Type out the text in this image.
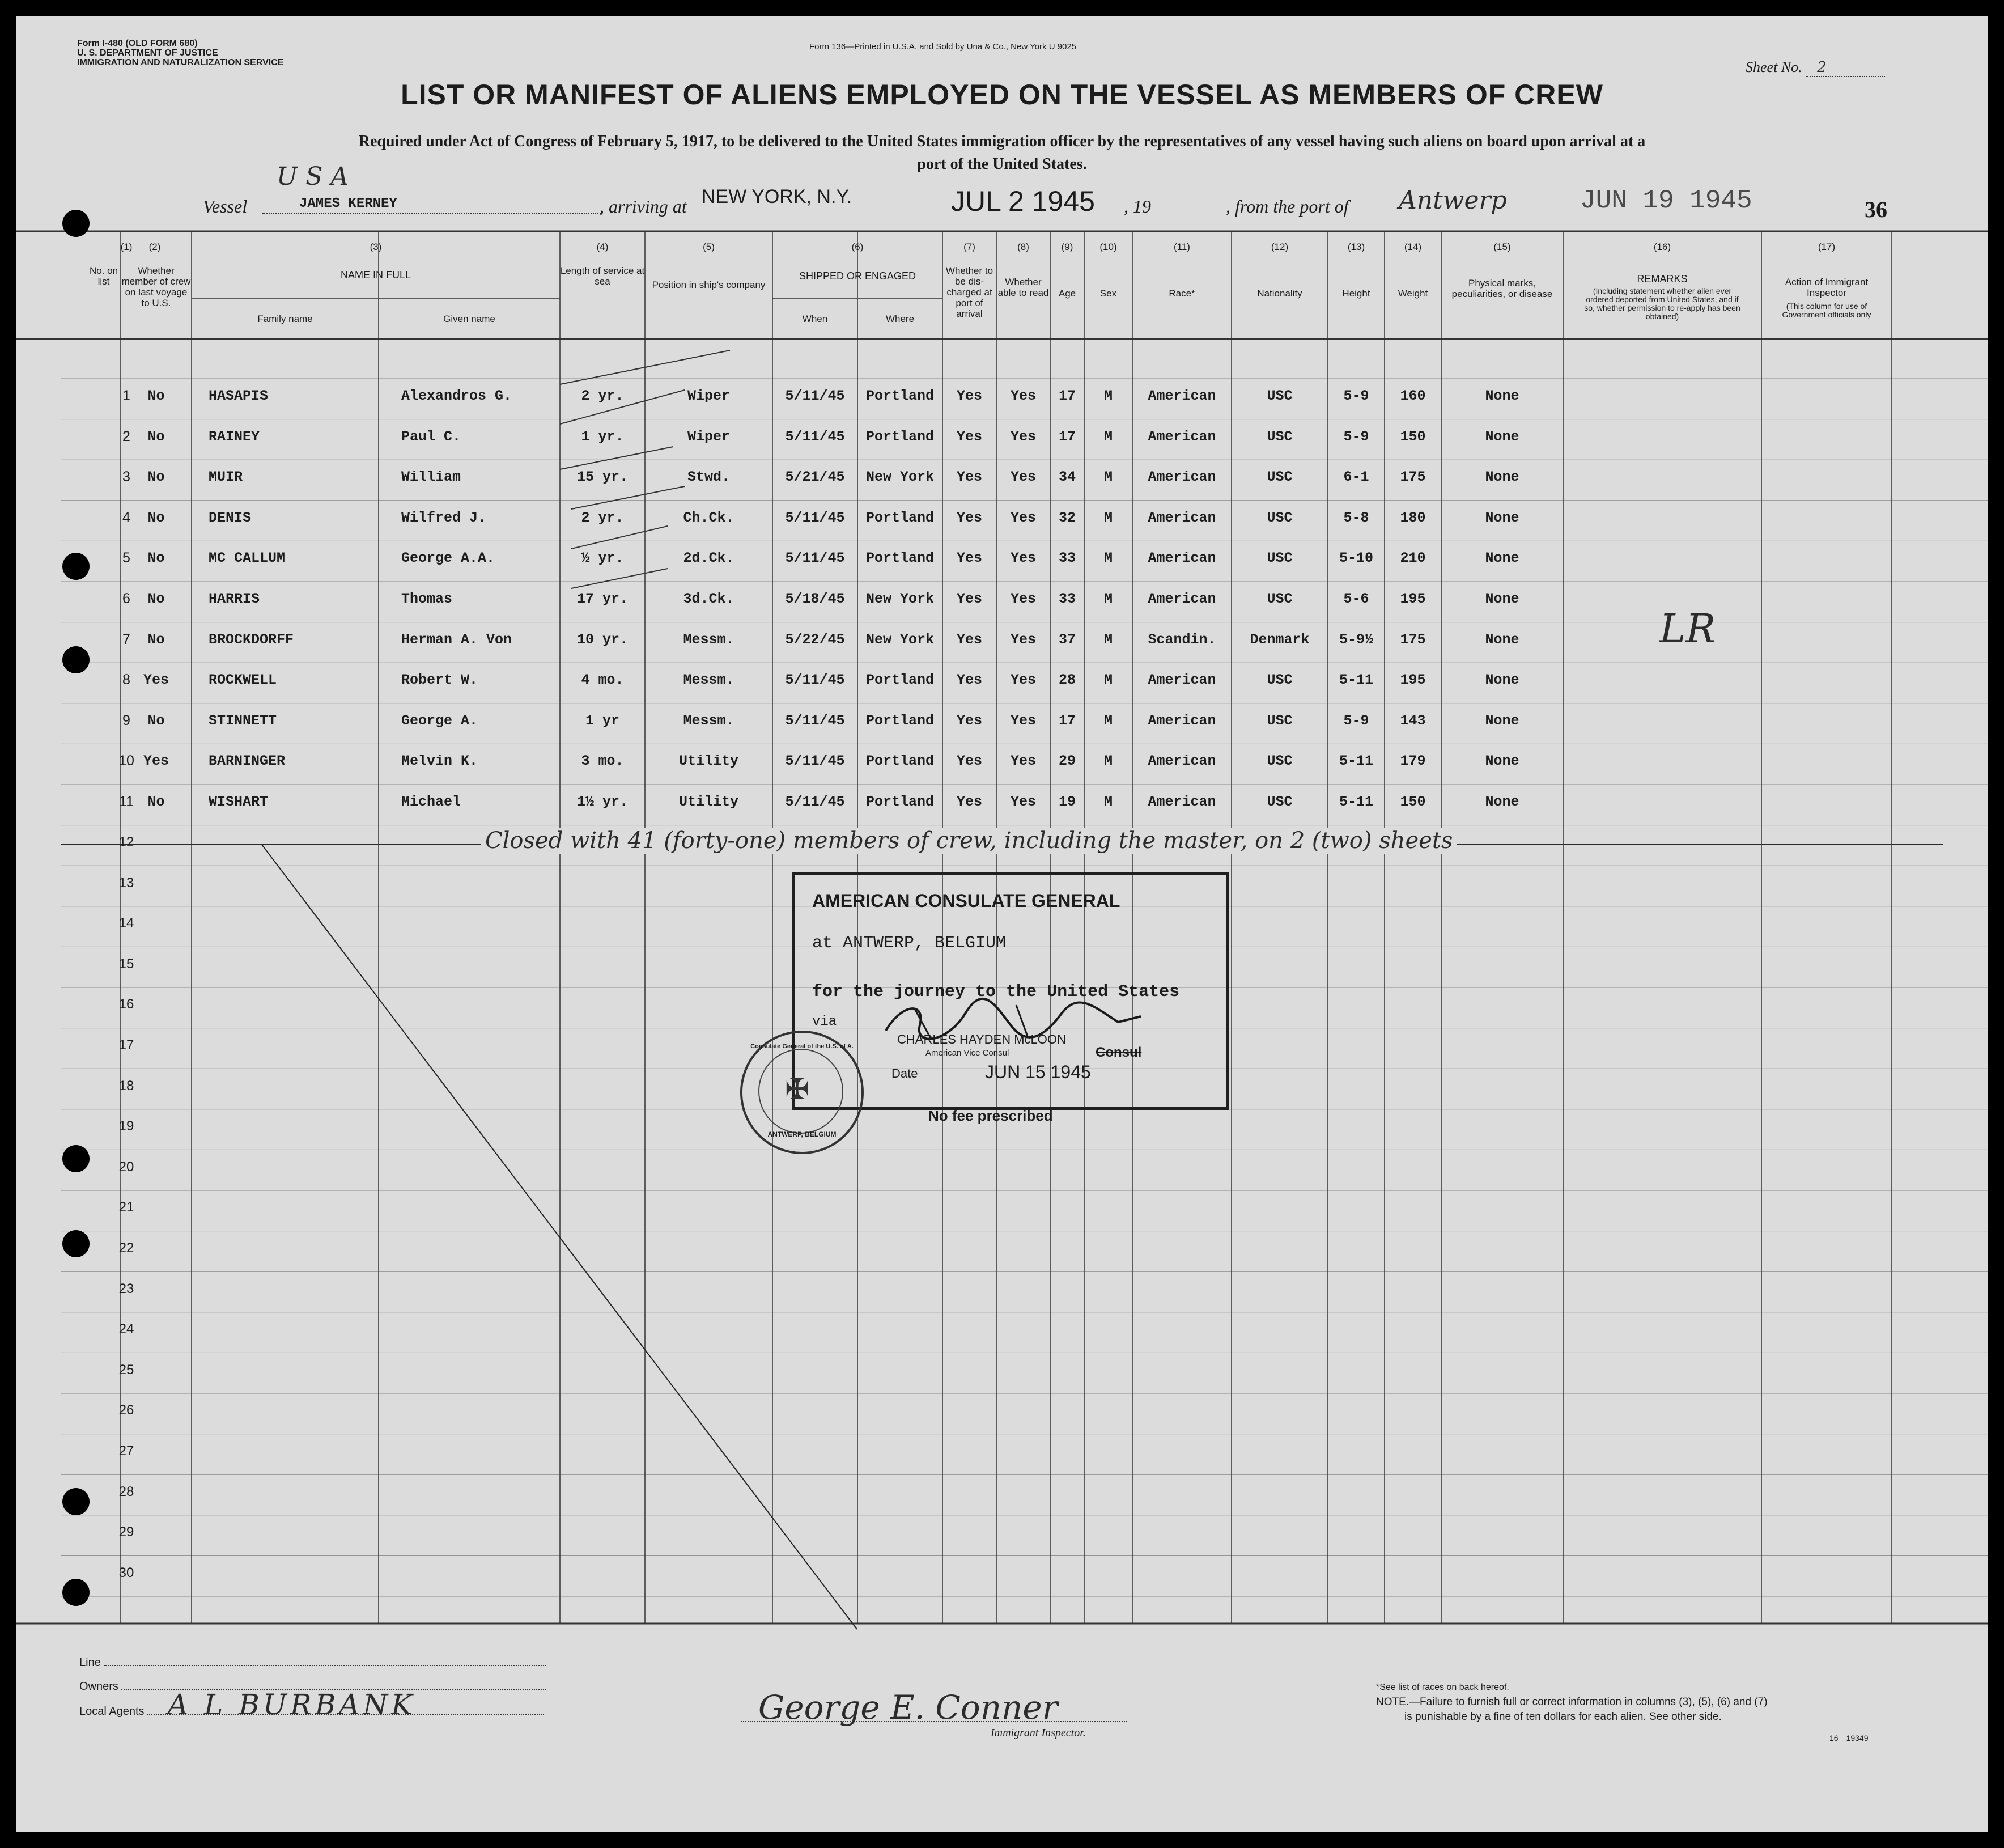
Form I-480 (OLD FORM 680)
U. S. DEPARTMENT OF JUSTICE
IMMIGRATION AND NATURALIZATION SERVICE
Form 136—Printed in U.S.A. and Sold by Una & Co., New York U 9025
Sheet No. 2
LIST OR MANIFEST OF ALIENS EMPLOYED ON THE VESSEL AS MEMBERS OF CREW
Required under Act of Congress of February 5, 1917, to be delivered to the United States immigration officer by the representatives of any vessel having such aliens on board upon arrival at a
port of the United States.
U S A
Vessel	JAMES KERNEY	, arriving at NEW YORK, N.Y.	JUL 2 1945 , 19	, from the port of Antwerp	JUN 19 1945	36
(1)	(2)	(3)	(4)	(5)	(6)	(7)	(8)	(9)	(10)	(11)	(12)	(13)	(14)	(15)	(16)	(17)
No. on list
Whether member of crew on last voyage to U.S.
NAME IN FULL
Family name	Given name
Length of service at sea	Position in ship's company
SHIPPED OR ENGAGED
When	Where
Whether to be dis-charged at port of arrival
Whether able to read	Age	Sex	Race*	Nationality	Height	Weight
Physical marks, peculiarities, or disease
REMARKS
(Including statement whether alien ever ordered deported from United States, and if so, whether permission to re-apply has been obtained)
Action of Immigrant Inspector
(This column for use of Government officials only
1	No	HASAPIS	Alexandros G.	2 yr.	Wiper	5/11/45	Portland	Yes	Yes	17	M	American	USC	5-9	160	None
2	No	RAINEY	Paul C.	1 yr.	Wiper	5/11/45	Portland	Yes	Yes	17	M	American	USC	5-9	150	None
3	No	MUIR	William	15 yr.	Stwd.	5/21/45	New York	Yes	Yes	34	M	American	USC	6-1	175	None
4	No	DENIS	Wilfred J.	2 yr.	Ch.Ck.	5/11/45	Portland	Yes	Yes	32	M	American	USC	5-8	180	None
5	No	MC CALLUM	George A.A.	½ yr.	2d.Ck.	5/11/45	Portland	Yes	Yes	33	M	American	USC	5-10	210	None
6	No	HARRIS	Thomas	17 yr.	3d.Ck.	5/18/45	New York	Yes	Yes	33	M	American	USC	5-6	195	None
7	No	BROCKDORFF	Herman A. Von	10 yr.	Messm.	5/22/45	New York	Yes	Yes	37	M	Scandin.	Denmark	5-9½	175	None
8 Yes	ROCKWELL	Robert W.	4 mo.	Messm.	5/11/45	Portland	Yes	Yes	28	M	American	USC	5-11	195	None
9	No	STINNETT	George A.	1 yr	Messm.	5/11/45	Portland	Yes	Yes	17	M	American	USC	5-9	143	None
10 Yes	BARNINGER	Melvin K.	3 mo.	Utility	5/11/45	Portland	Yes	Yes	29	M	American	USC	5-11	179	None
11 No	WISHART	Michael	1½ yr.	Utility	5/11/45	Portland	Yes	Yes	19	M	American	USC	5-11	150	None
12
13
14
15
16
17
18
19
20
21
22
23
24
25
26
27
28
29
30
LR
Closed with 41 (forty-one) members of crew, including the master, on 2 (two) sheets
AMERICAN CONSULATE GENERAL
at ANTWERP, BELGIUM
for the journey to the United States
via
CHARLES HAYDEN McLOON
American Vice Consul	Consul
Date	JUN 15 1945
No fee prescribed
Consulate General of the U.S. of A.
✠
ANTWERP, BELGIUM
Line
Owners
Local Agents A L BURBANK	George E. Conner
Immigrant Inspector.
*See list of races on back hereof.
NOTE.—Failure to furnish full or correct information in columns (3), (5), (6) and (7)
is punishable by a fine of ten dollars for each alien. See other side.
16—19349
